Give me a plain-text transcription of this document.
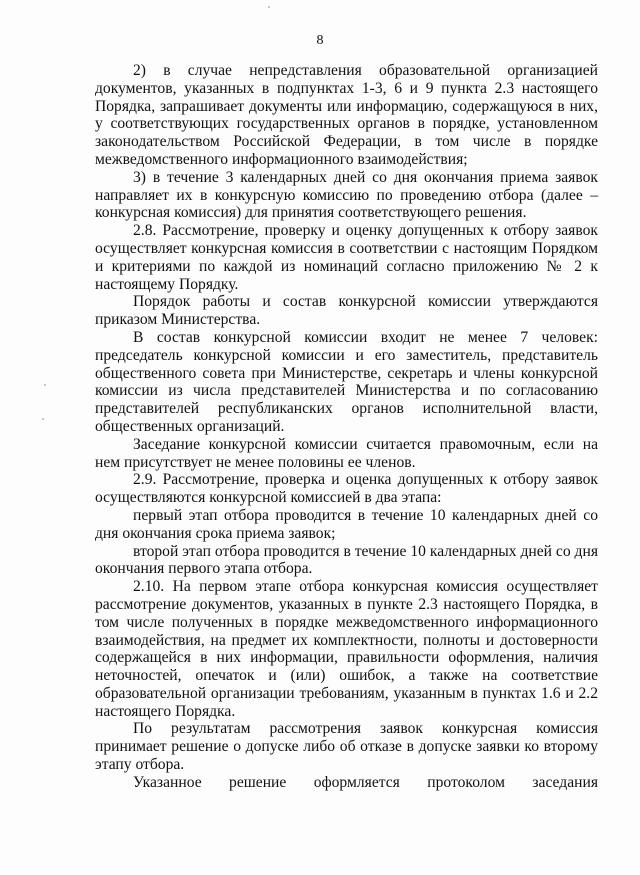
8

2) в случае непредставления образовательной организацией документов, указанных в подпунктах 1-3, 6 и 9 пункта 2.3 настоящего Порядка, запрашивает документы или информацию, содержащуюся в них, у соответствующих государственных органов в порядке, установленном законодательством Российской Федерации, в том числе в порядке межведомственного информационного взаимодействия;

3) в течение 3 календарных дней со дня окончания приема заявок направляет их в конкурсную комиссию по проведению отбора (далее – конкурсная комиссия) для принятия соответствующего решения.

2.8. Рассмотрение, проверку и оценку допущенных к отбору заявок осуществляет конкурсная комиссия в соответствии с настоящим Порядком и критериями по каждой из номинаций согласно приложению № 2 к настоящему Порядку.

Порядок работы и состав конкурсной комиссии утверждаются приказом Министерства.

В состав конкурсной комиссии входит не менее 7 человек: председатель конкурсной комиссии и его заместитель, представитель общественного совета при Министерстве, секретарь и члены конкурсной комиссии из числа представителей Министерства и по согласованию представителей республиканских органов исполнительной власти, общественных организаций.

Заседание конкурсной комиссии считается правомочным, если на нем присутствует не менее половины ее членов.

2.9. Рассмотрение, проверка и оценка допущенных к отбору заявок осуществляются конкурсной комиссией в два этапа:

первый этап отбора проводится в течение 10 календарных дней со дня окончания срока приема заявок;

второй этап отбора проводится в течение 10 календарных дней со дня окончания первого этапа отбора.

2.10. На первом этапе отбора конкурсная комиссия осуществляет рассмотрение документов, указанных в пункте 2.3 настоящего Порядка, в том числе полученных в порядке межведомственного информационного взаимодействия, на предмет их комплектности, полноты и достоверности содержащейся в них информации, правильности оформления, наличия неточностей, опечаток и (или) ошибок, а также на соответствие образовательной организации требованиям, указанным в пунктах 1.6 и 2.2 настоящего Порядка.

По результатам рассмотрения заявок конкурсная комиссия принимает решение о допуске либо об отказе в допуске заявки ко второму этапу отбора.

Указанное решение оформляется протоколом заседания
